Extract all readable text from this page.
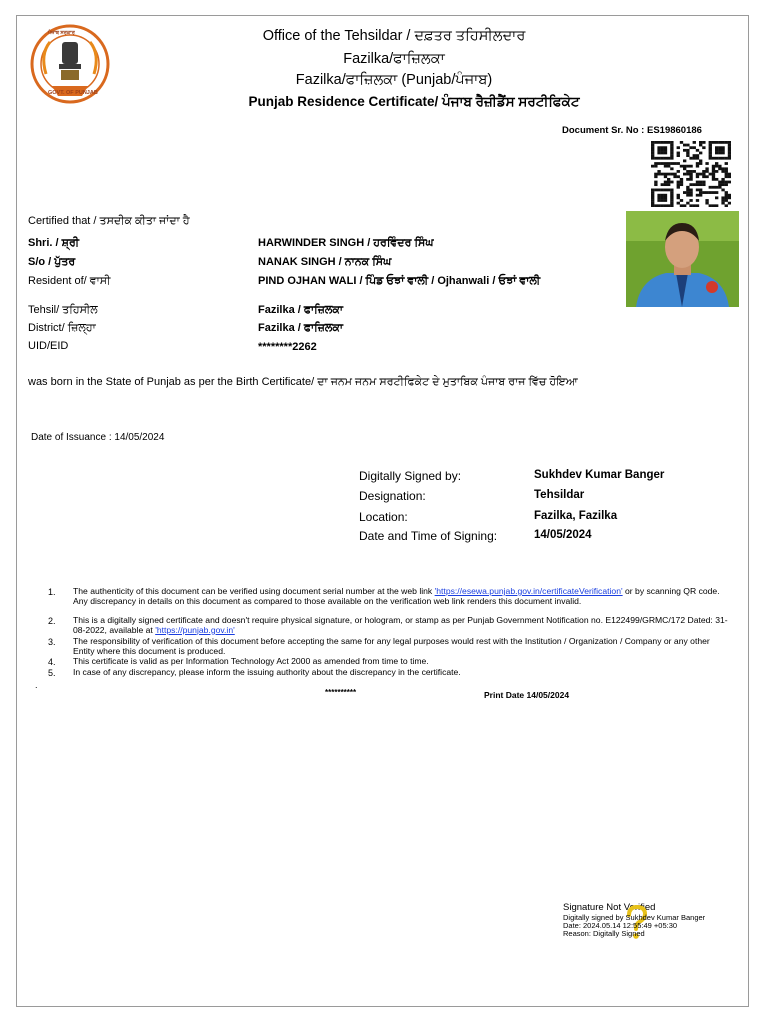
ਪੰਜਾਬ ਸਰਕਾਰ
GOVT. OF PUNJAB
Office of the Tehsildar / ਦਫ਼ਤਰ ਤਹਿਸੀਲਦਾਰ
Fazilka/ਫਾਜ਼ਿਲਕਾ
Fazilka/ਫਾਜ਼ਿਲਕਾ (Punjab/ਪੰਜਾਬ)
Punjab Residence Certificate/ ਪੰਜਾਬ ਰੈਜ਼ੀਡੈਂਸ ਸਰਟੀਫਿਕੇਟ
Document Sr. No : ES19860186
Certified that / ਤਸਦੀਕ ਕੀਤਾ ਜਾਂਦਾ ਹੈ
Shri. / ਸ਼੍ਰੀ	HARWINDER SINGH / ਹਰਵਿੰਦਰ ਸਿੰਘ
S/o / ਪੁੱਤਰ	NANAK SINGH / ਨਾਨਕ ਸਿੰਘ
Resident of/ ਵਾਸੀ	PIND OJHAN WALI / ਪਿੰਡ ਓਝਾਂ ਵਾਲੀ / Ojhanwali / ਓਝਾਂ ਵਾਲੀ
Tehsil/ ਤਹਿਸੀਲ	Fazilka / ਫਾਜ਼ਿਲਕਾ
District/ ਜ਼ਿਲ੍ਹਾ	Fazilka / ਫਾਜ਼ਿਲਕਾ
UID/EID	********2262
was born in the State of Punjab as per the Birth Certificate/ ਦਾ ਜਨਮ ਜਨਮ ਸਰਟੀਫਿਕੇਟ ਦੇ ਮੁਤਾਬਿਕ ਪੰਜਾਬ ਰਾਜ ਵਿੱਚ ਹੋਇਆ
Date of Issuance : 14/05/2024
Digitally Signed by:	Sukhdev Kumar Banger
Designation:	Tehsildar
Location:	Fazilka, Fazilka
Date and Time of Signing:	14/05/2024
1. The authenticity of this document can be verified using document serial number at the web link 'https://esewa.punjab.gov.in/certificateVerification' or by scanning QR code. Any discrepancy in details on this document as compared to those available on the verification web link renders this document invalid.
2. This is a digitally signed certificate and doesn't require physical signature, or hologram, or stamp as per Punjab Government Notification no. E122499/GRMC/172 Dated: 31-08-2022, available at 'https://punjab.gov.in'
3. The responsibility of verification of this document before accepting the same for any legal purposes would rest with the Institution / Organization / Company or any other Entity where this document is produced.
4. This certificate is valid as per Information Technology Act 2000 as amended from time to time.
5. In case of any discrepancy, please inform the issuing authority about the discrepancy in the certificate.
.
**********	Print Date 14/05/2024
Signature Not Verified
Digitally signed by Sukhdev Kumar Banger
Date: 2024.05.14 12:55:49 +05:30
Reason: Digitally Signed
